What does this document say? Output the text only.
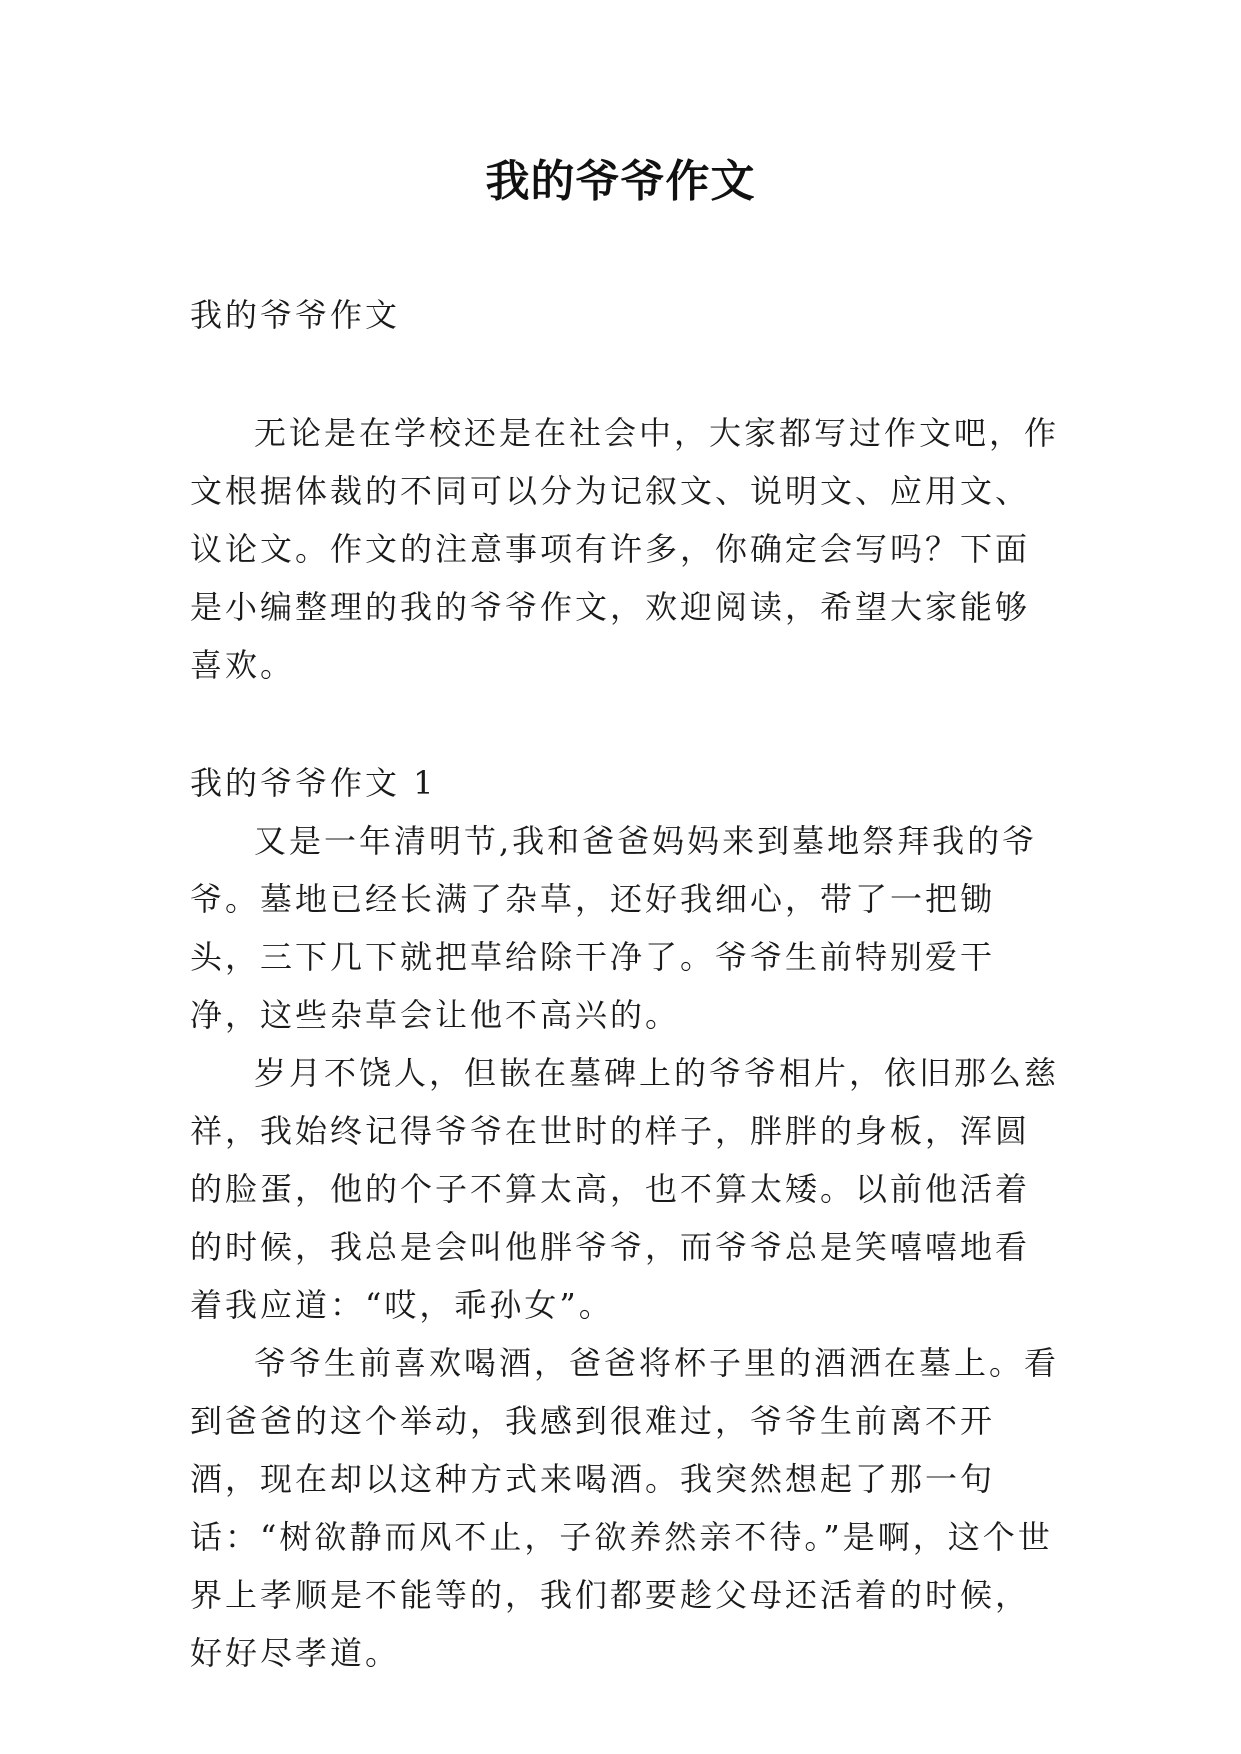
我的爷爷作文

我的爷爷作文

无论是在学校还是在社会中，大家都写过作文吧，作文根据体裁的不同可以分为记叙文、说明文、应用文、议论文。作文的注意事项有许多，你确定会写吗？下面是小编整理的我的爷爷作文，欢迎阅读，希望大家能够喜欢。

我的爷爷作文 1

又是一年清明节,我和爸爸妈妈来到墓地祭拜我的爷爷。墓地已经长满了杂草，还好我细心，带了一把锄头，三下几下就把草给除干净了。爷爷生前特别爱干净，这些杂草会让他不高兴的。

岁月不饶人，但嵌在墓碑上的爷爷相片，依旧那么慈祥，我始终记得爷爷在世时的样子，胖胖的身板，浑圆的脸蛋，他的个子不算太高，也不算太矮。以前他活着的时候，我总是会叫他胖爷爷，而爷爷总是笑嘻嘻地看着我应道：“哎，乖孙女”。

爷爷生前喜欢喝酒，爸爸将杯子里的酒洒在墓上。看到爸爸的这个举动，我感到很难过，爷爷生前离不开酒，现在却以这种方式来喝酒。我突然想起了那一句话：“树欲静而风不止，子欲养然亲不待。”是啊，这个世界上孝顺是不能等的，我们都要趁父母还活着的时候，好好尽孝道。
